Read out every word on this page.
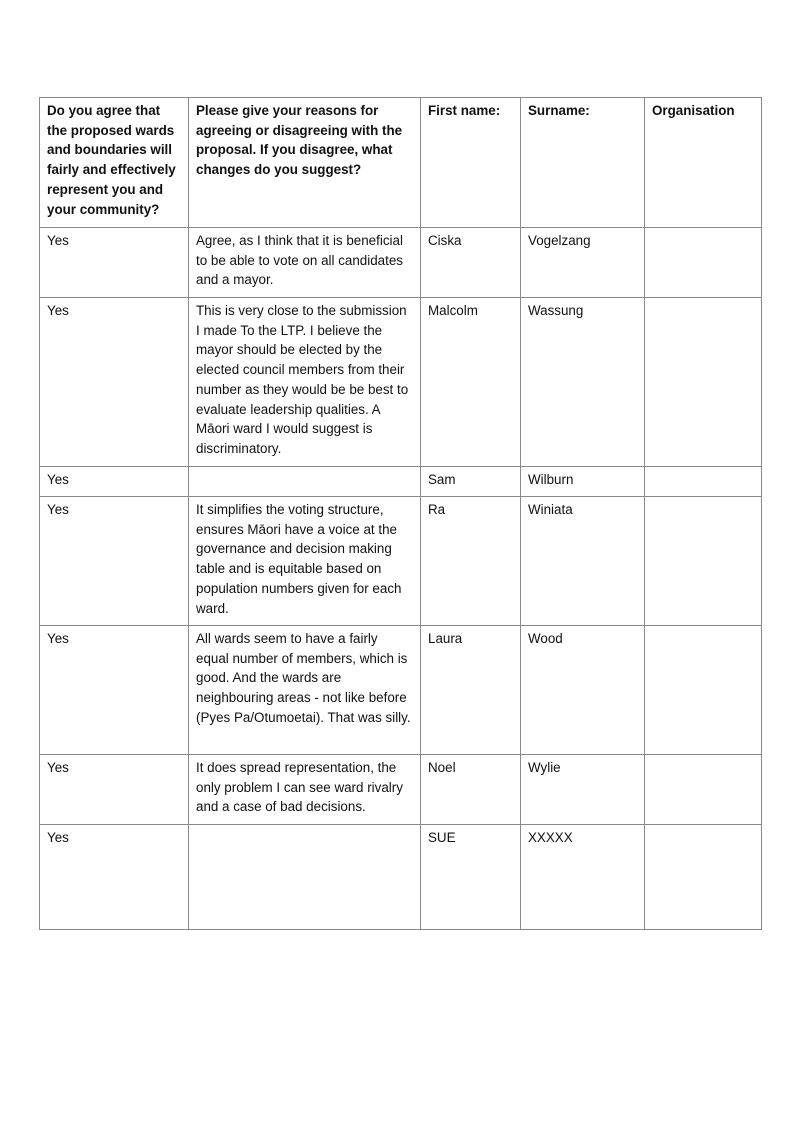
Do you agree that the proposed wards and boundaries will fairly and effectively represent you and your community?	Please give your reasons for agreeing or disagreeing with the proposal. If you disagree, what changes do you suggest?	First name:	Surname:	Organisation
Yes	Agree, as I think that it is beneficial to be able to vote on all candidates and a mayor.	Ciska	Vogelzang	
Yes	This is very close to the submission I made To the LTP. I believe the mayor should be elected by the elected council members from their number as they would be be best to evaluate leadership qualities. A Māori ward I would suggest is discriminatory.	Malcolm	Wassung	
Yes		Sam	Wilburn	
Yes	It simplifies the voting structure, ensures Māori have a voice at the governance and decision making table and is equitable based on population numbers given for each ward.	Ra	Winiata	
Yes	All wards seem to have a fairly equal number of members, which is good. And the wards are neighbouring areas - not like before (Pyes Pa/Otumoetai). That was silly.	Laura	Wood	
Yes	It does spread representation, the only problem I can see ward rivalry and a case of bad decisions.	Noel	Wylie	
Yes		SUE	XXXXX	
